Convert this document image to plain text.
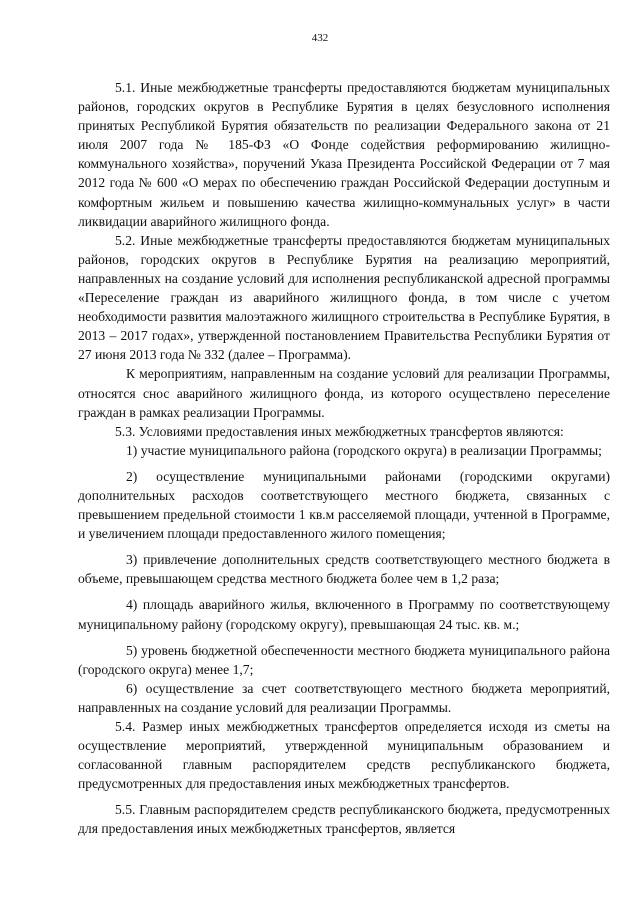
432

5.1. Иные межбюджетные трансферты предоставляются бюджетам муниципальных районов, городских округов в Республике Бурятия в целях безусловного исполнения принятых Республикой Бурятия обязательств по реализации Федерального закона от 21 июля 2007 года № 185-ФЗ «О Фонде содействия реформированию жилищно-коммунального хозяйства», поручений Указа Президента Российской Федерации от 7 мая 2012 года № 600 «О мерах по обеспечению граждан Российской Федерации доступным и комфортным жильем и повышению качества жилищно-коммунальных услуг» в части ликвидации аварийного жилищного фонда.

5.2. Иные межбюджетные трансферты предоставляются бюджетам муниципальных районов, городских округов в Республике Бурятия на реализацию мероприятий, направленных на создание условий для исполнения республиканской адресной программы «Переселение граждан из аварийного жилищного фонда, в том числе с учетом необходимости развития малоэтажного жилищного строительства в Республике Бурятия, в 2013 – 2017 годах», утвержденной постановлением Правительства Республики Бурятия от 27 июня 2013 года № 332 (далее – Программа).

К мероприятиям, направленным на создание условий для реализации Программы, относятся снос аварийного жилищного фонда, из которого осуществлено переселение граждан в рамках реализации Программы.

5.3. Условиями предоставления иных межбюджетных трансфертов являются:

1) участие муниципального района (городского округа) в реализации Программы;

2) осуществление муниципальными районами (городскими округами) дополнительных расходов соответствующего местного бюджета, связанных с превышением предельной стоимости 1 кв.м расселяемой площади, учтенной в Программе, и увеличением площади предоставленного жилого помещения;

3) привлечение дополнительных средств соответствующего местного бюджета в объеме, превышающем средства местного бюджета более чем в 1,2 раза;

4) площадь аварийного жилья, включенного в Программу по соответствующему муниципальному району (городскому округу), превышающая 24 тыс. кв. м.;

5) уровень бюджетной обеспеченности местного бюджета муниципального района (городского округа) менее 1,7;

6) осуществление за счет соответствующего местного бюджета мероприятий, направленных на создание условий для реализации Программы.

5.4. Размер иных межбюджетных трансфертов определяется исходя из сметы на осуществление мероприятий, утвержденной муниципальным образованием и согласованной главным распорядителем средств республиканского бюджета, предусмотренных для предоставления иных межбюджетных трансфертов.

5.5. Главным распорядителем средств республиканского бюджета, предусмотренных для предоставления иных межбюджетных трансфертов, является
